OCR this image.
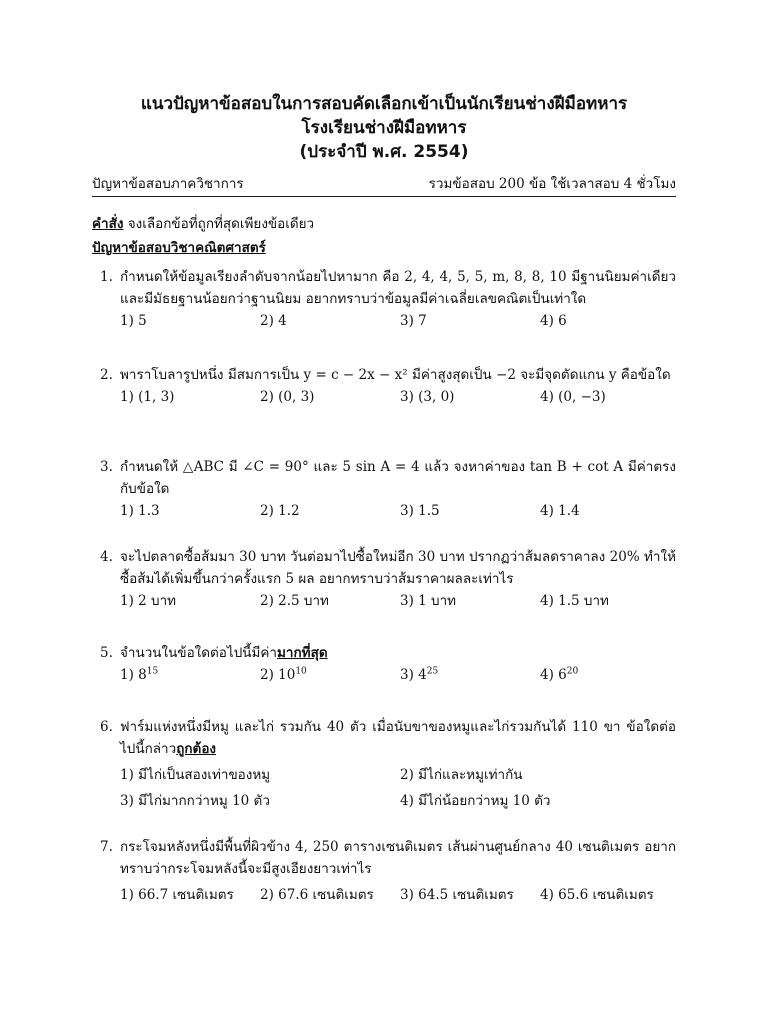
แนวปัญหาข้อสอบในการสอบคัดเลือกเข้าเป็นนักเรียนช่างฝีมือทหาร
โรงเรียนช่างฝีมือทหาร
(ประจำปี พ.ศ. 2554)
ปัญหาข้อสอบภาควิชาการ	รวมข้อสอบ 200 ข้อ ใช้เวลาสอบ 4 ชั่วโมง
คำสั่ง จงเลือกข้อที่ถูกที่สุดเพียงข้อเดียว
ปัญหาข้อสอบวิชาคณิตศาสตร์
1. กำหนดให้ข้อมูลเรียงลำดับจากน้อยไปหามาก คือ 2, 4, 4, 5, 5, m, 8, 8, 10 มีฐานนิยมค่าเดียว และมีมัธยฐานน้อยกว่าฐานนิยม อยากทราบว่าข้อมูลมีค่าเฉลี่ยเลขคณิตเป็นเท่าใด
1) 5	2) 4	3) 7	4) 6
2. พาราโบลารูปหนึ่ง มีสมการเป็น y = c − 2x − x² มีค่าสูงสุดเป็น −2 จะมีจุดตัดแกน y คือข้อใด
1) (1, 3)	2) (0, 3)	3) (3, 0)	4) (0, −3)
3. กำหนดให้ △ABC มี ∠C = 90° และ 5 sin A = 4 แล้ว จงหาค่าของ tan B + cot A มีค่าตรงกับข้อใด
1) 1.3	2) 1.2	3) 1.5	4) 1.4
4. จะไปตลาดซื้อส้มมา 30 บาท วันต่อมาไปซื้อใหม่อีก 30 บาท ปรากฏว่าส้มลดราคาลง 20% ทำให้ซื้อส้มได้เพิ่มขึ้นกว่าครั้งแรก 5 ผล อยากทราบว่าส้มราคาผลละเท่าไร
1) 2 บาท	2) 2.5 บาท	3) 1 บาท	4) 1.5 บาท
5. จำนวนในข้อใดต่อไปนี้มีค่ามากที่สุด
1) $8^{15}$	2) $10^{10}$	3) $4^{25}$	4) $6^{20}$
6. ฟาร์มแห่งหนึ่งมีหมู และไก่ รวมกัน 40 ตัว เมื่อนับขาของหมูและไก่รวมกันได้ 110 ขา ข้อใดต่อไปนี้กล่าวถูกต้อง
1) มีไก่เป็นสองเท่าของหมู	2) มีไก่และหมูเท่ากัน
3) มีไก่มากกว่าหมู 10 ตัว	4) มีไก่น้อยกว่าหมู 10 ตัว
7. กระโจมหลังหนึ่งมีพื้นที่ผิวข้าง 4, 250 ตารางเซนติเมตร เส้นผ่านศูนย์กลาง 40 เซนติเมตร อยากทราบว่ากระโจมหลังนี้จะมีสูงเอียงยาวเท่าไร
1) 66.7 เซนติเมตร 2) 67.6 เซนติเมตร 3) 64.5 เซนติเมตร 4) 65.6 เซนติเมตร
